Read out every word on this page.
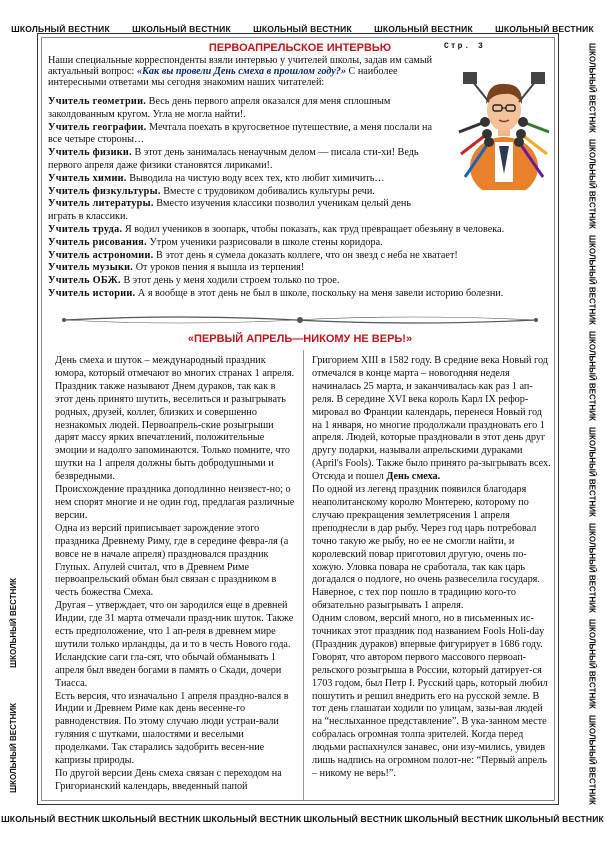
ШКОЛЬНЫЙ ВЕСТНИК	ШКОЛЬНЫЙ ВЕСТНИК	ШКОЛЬНЫЙ ВЕСТНИК	ШКОЛЬНЫЙ ВЕСТНИК	ШКОЛЬНЫЙ ВЕСТНИК
ШКОЛЬНЫЙ ВЕСТНИК ШКОЛЬНЫЙ ВЕСТНИК ШКОЛЬНЫЙ ВЕСТНИК ШКОЛЬНЫЙ ВЕСТНИК ШКОЛЬНЫЙ ВЕСТНИК ШКОЛЬНЫЙ ВЕСТНИК
ШКОЛЬНЫЙ ВЕСТНИК
ШКОЛЬНЫЙ ВЕСТНИК
ШКОЛЬНЫЙ ВЕСТНИК
ШКОЛЬНЫЙ ВЕСТНИК
ШКОЛЬНЫЙ ВЕСТНИК
ШКОЛЬНЫЙ ВЕСТНИК
ШКОЛЬНЫЙ ВЕСТНИК
ШКОЛЬНЫЙ ВЕСТНИК
ШКОЛЬНЫЙ ВЕСТНИК
ШКОЛЬНЫЙ ВЕСТНИК
Стр. 3
ПЕРВОАПРЕЛЬСКОЕ ИНТЕРВЬЮ
Наши специальные корреспонденты взяли интервью у учителей школы, задав им самый актуальный вопрос: «Как вы провели День смеха в прошлом году?» С наиболее интересными ответами мы сегодня знакомим наших читателей:

Учитель геометрии. Весь день первого апреля оказался для меня сплошным заколдованным кругом. Угла не могла найти!.

Учитель географии. Мечтала поехать в кругосветное путешествие, а меня послали на все четыре стороны…

Учитель физики. В этот день занималась ненаучным делом — писала сти-хи! Ведь первого апреля даже физики становятся лириками!.

Учитель химии. Выводила на чистую воду всех тех, кто любит химичить…

Учитель физкультуры. Вместе с трудовиком добивались культуры речи.

Учитель литературы. Вместо изучения классики позволил ученикам целый день играть в классики.

Учитель труда. Я водил учеников в зоопарк, чтобы показать, как труд превращает обезьяну в человека.

Учитель рисования. Утром ученики разрисовали в школе стены коридора.

Учитель астрономии. В этот день я сумела доказать коллеге, что он звезд с неба не хватает!

Учитель музыки. От уроков пения я вышла из терпения!

Учитель ОБЖ. В этот день у меня ходили строем только по трое.

Учитель истории. А я вообще в этот день не был в школе, поскольку на меня завели историю болезни.

«ПЕРВЫЙ АПРЕЛЬ—НИКОМУ НЕ ВЕРЬ!»

День смеха и шуток – международный праздник юмора, который отмечают во многих странах 1 апреля. Праздник также называют Днем дураков, так как в этот день принято шутить, веселиться и разыгрывать родных, друзей, коллег, близких и совершенно незнакомых людей. Первоапрель-ские розыгрыши дарят массу ярких впечатлений, положительные эмоции и надолго запоминаются. Только помните, что шутки на 1 апреля должны быть добродушными и безвредными.

Происхождение праздника доподлинно неизвест-но; о нем спорят многие и не один год, предлагая различные версии.

Одна из версий приписывает зарождение этого праздника Древнему Риму, где в середине февра-ля (а вовсе не в начале апреля) праздновался праздник Глупых. Апулей считал, что в Древнем Риме первоапрельский обман был связан с праздником в честь божества Смеха.

Другая – утверждает, что он зародился еще в древней Индии, где 31 марта отмечали празд-ник шуток. Также есть предположение, что 1 ап-реля в древнем мире шутили только ирландцы, да и то в честь Нового года. Исландские саги гла-сят, что обычай обманывать 1 апреля был введен богами в память о Скади, дочери Тиасса.

Есть версия, что изначально 1 апреля праздно-вался в Индии и Древнем Риме как день весенне-го равноденствия. По этому случаю люди устраи-вали гуляния с шутками, шалостями и веселыми проделками. Так старались задобрить весен-ние капризы природы.

По другой версии День смеха связан с переходом на Григорианский календарь, введенный папой

Григорием XIII в 1582 году. В средние века Новый год отмечался в конце марта – новогодняя неделя начиналась 25 марта, и заканчивалась как раз 1 ап-реля. В середине XVI века король Карл IX рефор-мировал во Франции календарь, перенеся Новый год на 1 января, но многие продолжали праздновать его 1 апреля. Людей, которые праздновали в этот день друг другу подарки, называли апрельскими дураками (April's Fools). Также было принято ра-зыгрывать всех. Отсюда и пошел День смеха.

По одной из легенд праздник появился благодаря неаполитанскому королю Монтерею, которому по случаю прекращения землетрясения 1 апреля преподнесли в дар рыбу. Через год царь потребовал точно такую же рыбу, но ее не смогли найти, и королевский повар приготовил другую, очень по-хожую. Уловка повара не сработала, так как царь догадался о подлоге, но очень развеселила государя. Наверное, с тех пор пошло в традицию кого-то обязательно разыгрывать 1 апреля.

Одним словом, версий много, но в письменных ис-точниках этот праздник под названием Fools Holi-day (Праздник дураков) впервые фигурирует в 1686 году.

Говорят, что автором первого массового первоап-рельского розыгрыша в России, который датирует-ся 1703 годом, был Петр I. Русский царь, который любил пошутить и решил внедрить его на русской земле. В тот день глашатаи ходили по улицам, зазы-вая людей на “неслыханное представление”. В ука-занном месте собралась огромная толпа зрителей. Когда перед людьми распахнулся занавес, они изу-мились, увидев лишь надпись на огромном полот-не: “Первый апрель – никому не верь!”.
